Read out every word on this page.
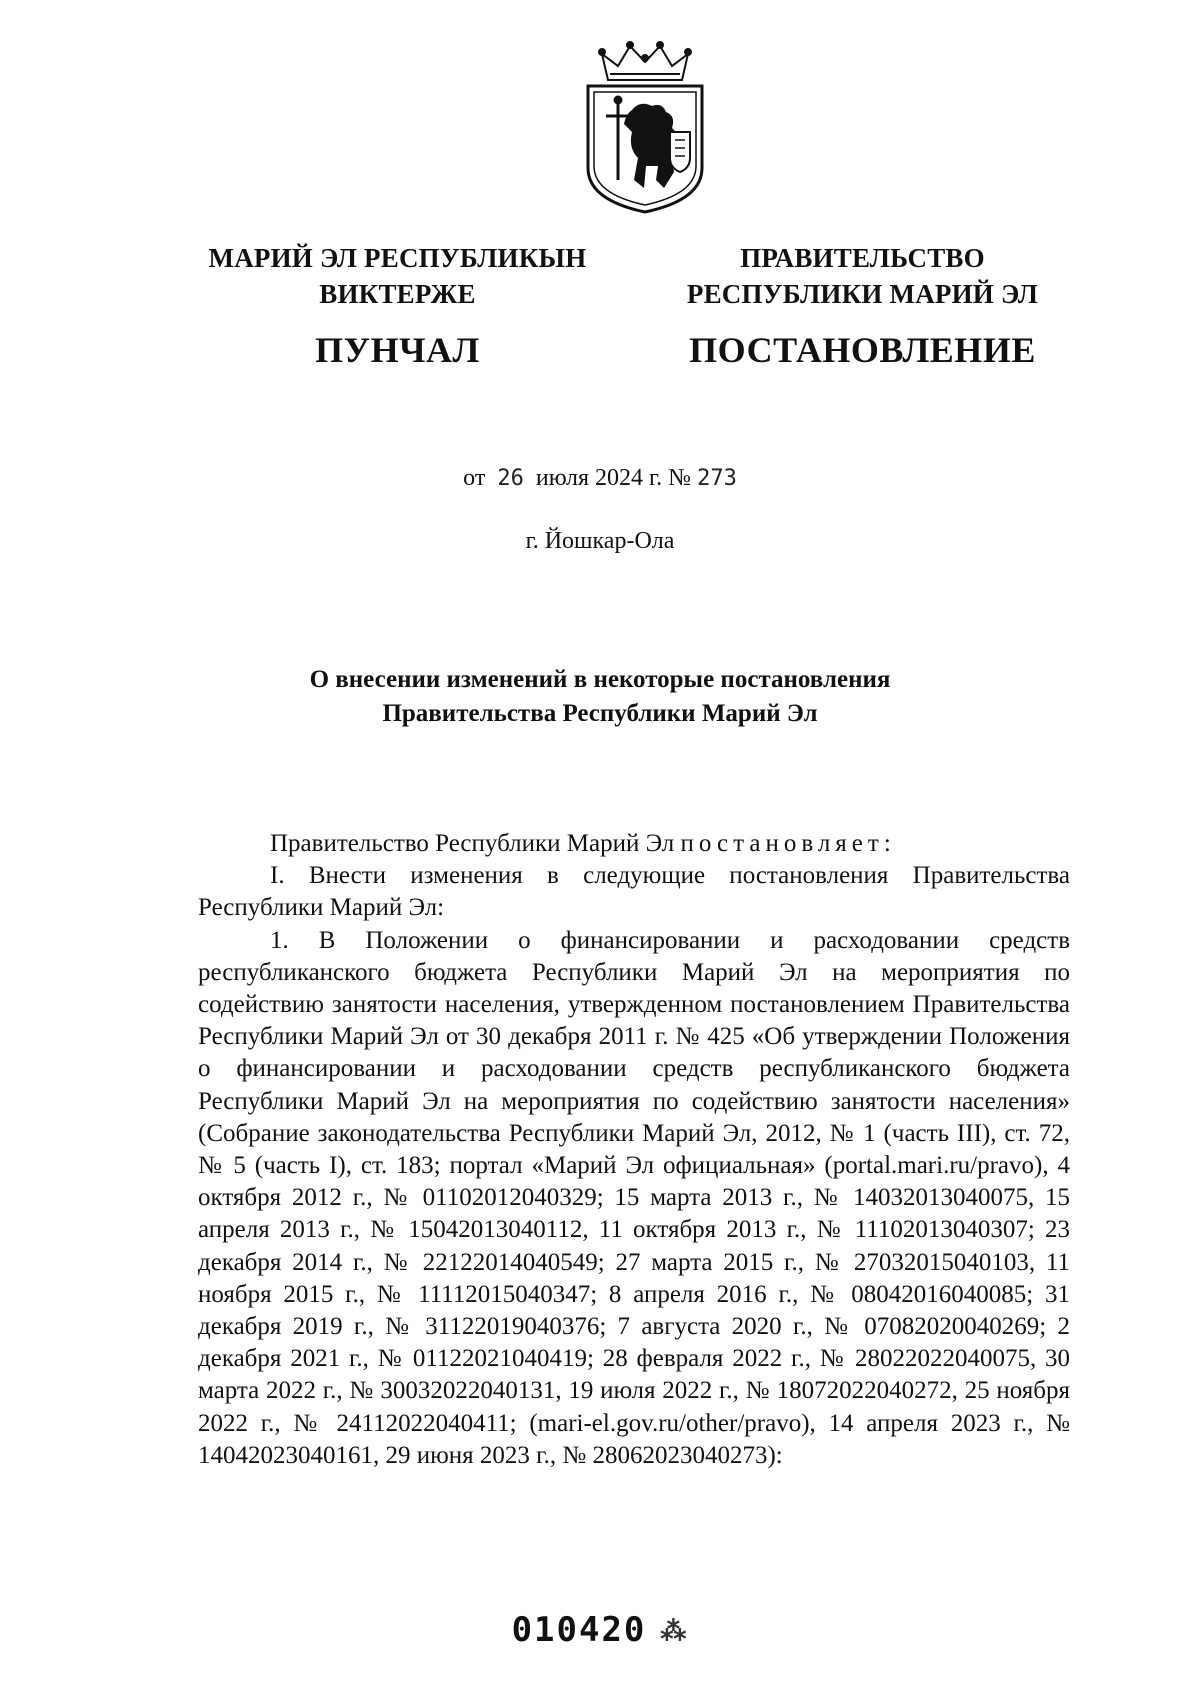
МАРИЙ ЭЛ РЕСПУБЛИКЫН
ВИКТЕРЖЕ
ПУНЧАЛ
ПРАВИТЕЛЬСТВО
РЕСПУБЛИКИ МАРИЙ ЭЛ
ПОСТАНОВЛЕНИЕ
от 26 июля 2024 г. № 273
г. Йошкар-Ола
О внесении изменений в некоторые постановления
Правительства Республики Марий Эл

Правительство Республики Марий Эл постановляет:

I. Внести изменения в следующие постановления Правительства Республики Марий Эл:

1. В Положении о финансировании и расходовании средств республиканского бюджета Республики Марий Эл на мероприятия по содействию занятости населения, утвержденном постановлением Правительства Республики Марий Эл от 30 декабря 2011 г. № 425 «Об утверждении Положения о финансировании и расходовании средств республиканского бюджета Республики Марий Эл на мероприятия по содействию занятости населения» (Собрание законодательства Республики Марий Эл, 2012, № 1 (часть III), ст. 72, № 5 (часть I), ст. 183; портал «Марий Эл официальная» (portal.mari.ru/pravo), 4 октября 2012 г., № 01102012040329; 15 марта 2013 г., № 14032013040075, 15 апреля 2013 г., № 15042013040112, 11 октября 2013 г., № 11102013040307; 23 декабря 2014 г., № 22122014040549; 27 марта 2015 г., № 27032015040103, 11 ноября 2015 г., № 11112015040347; 8 апреля 2016 г., № 08042016040085; 31 декабря 2019 г., № 31122019040376; 7 августа 2020 г., № 07082020040269; 2 декабря 2021 г., № 01122021040419; 28 февраля 2022 г., № 28022022040075, 30 марта 2022 г., № 30032022040131, 19 июля 2022 г., № 18072022040272, 25 ноября 2022 г., № 24112022040411; (mari-el.gov.ru/other/pravo), 14 апреля 2023 г., № 14042023040161, 29 июня 2023 г., № 28062023040273):

010420 ⁂
